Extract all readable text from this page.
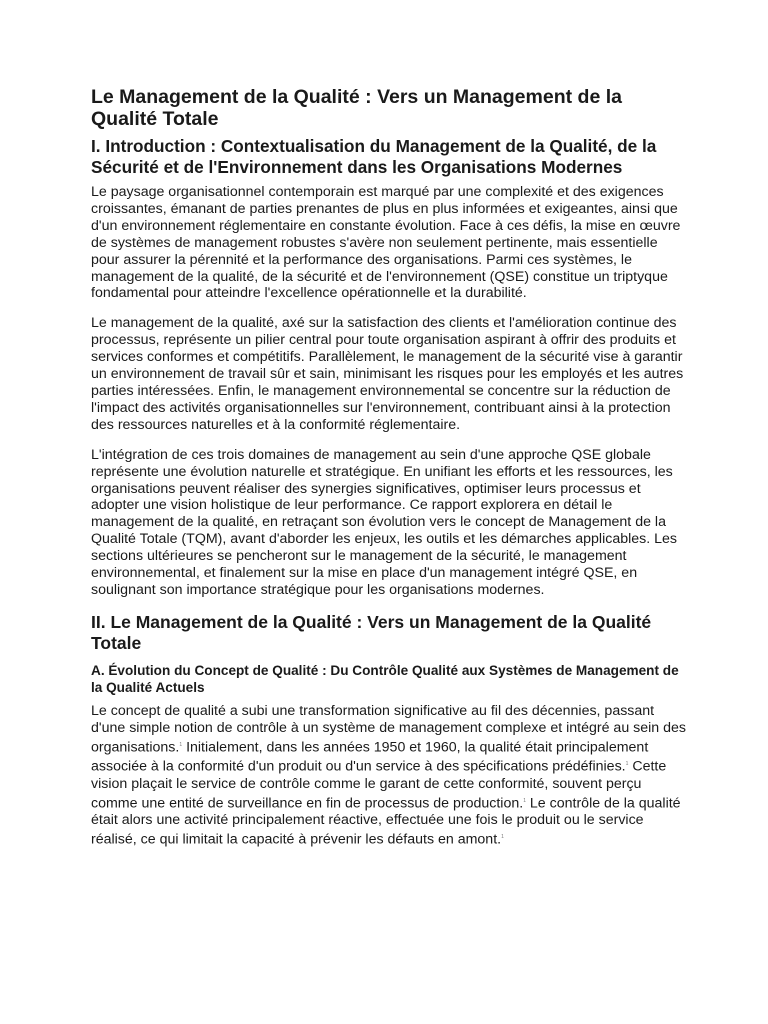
Le Management de la Qualité : Vers un Management de la Qualité Totale
I. Introduction : Contextualisation du Management de la Qualité, de la Sécurité et de l'Environnement dans les Organisations Modernes

Le paysage organisationnel contemporain est marqué par une complexité et des exigences croissantes, émanant de parties prenantes de plus en plus informées et exigeantes, ainsi que d'un environnement réglementaire en constante évolution. Face à ces défis, la mise en œuvre de systèmes de management robustes s'avère non seulement pertinente, mais essentielle pour assurer la pérennité et la performance des organisations. Parmi ces systèmes, le management de la qualité, de la sécurité et de l'environnement (QSE) constitue un triptyque fondamental pour atteindre l'excellence opérationnelle et la durabilité.

Le management de la qualité, axé sur la satisfaction des clients et l'amélioration continue des processus, représente un pilier central pour toute organisation aspirant à offrir des produits et services conformes et compétitifs. Parallèlement, le management de la sécurité vise à garantir un environnement de travail sûr et sain, minimisant les risques pour les employés et les autres parties intéressées. Enfin, le management environnemental se concentre sur la réduction de l'impact des activités organisationnelles sur l'environnement, contribuant ainsi à la protection des ressources naturelles et à la conformité réglementaire.

L'intégration de ces trois domaines de management au sein d'une approche QSE globale représente une évolution naturelle et stratégique. En unifiant les efforts et les ressources, les organisations peuvent réaliser des synergies significatives, optimiser leurs processus et adopter une vision holistique de leur performance. Ce rapport explorera en détail le management de la qualité, en retraçant son évolution vers le concept de Management de la Qualité Totale (TQM), avant d'aborder les enjeux, les outils et les démarches applicables. Les sections ultérieures se pencheront sur le management de la sécurité, le management environnemental, et finalement sur la mise en place d'un management intégré QSE, en soulignant son importance stratégique pour les organisations modernes.

II. Le Management de la Qualité : Vers un Management de la Qualité Totale
A. Évolution du Concept de Qualité : Du Contrôle Qualité aux Systèmes de Management de la Qualité Actuels

Le concept de qualité a subi une transformation significative au fil des décennies, passant d'une simple notion de contrôle à un système de management complexe et intégré au sein des organisations.$^1$ Initialement, dans les années 1950 et 1960, la qualité était principalement associée à la conformité d'un produit ou d'un service à des spécifications prédéfinies.$^1$ Cette vision plaçait le service de contrôle comme le garant de cette conformité, souvent perçu comme une entité de surveillance en fin de processus de production.$^1$ Le contrôle de la qualité était alors une activité principalement réactive, effectuée une fois le produit ou le service réalisé, ce qui limitait la capacité à prévenir les défauts en amont.$^1$
